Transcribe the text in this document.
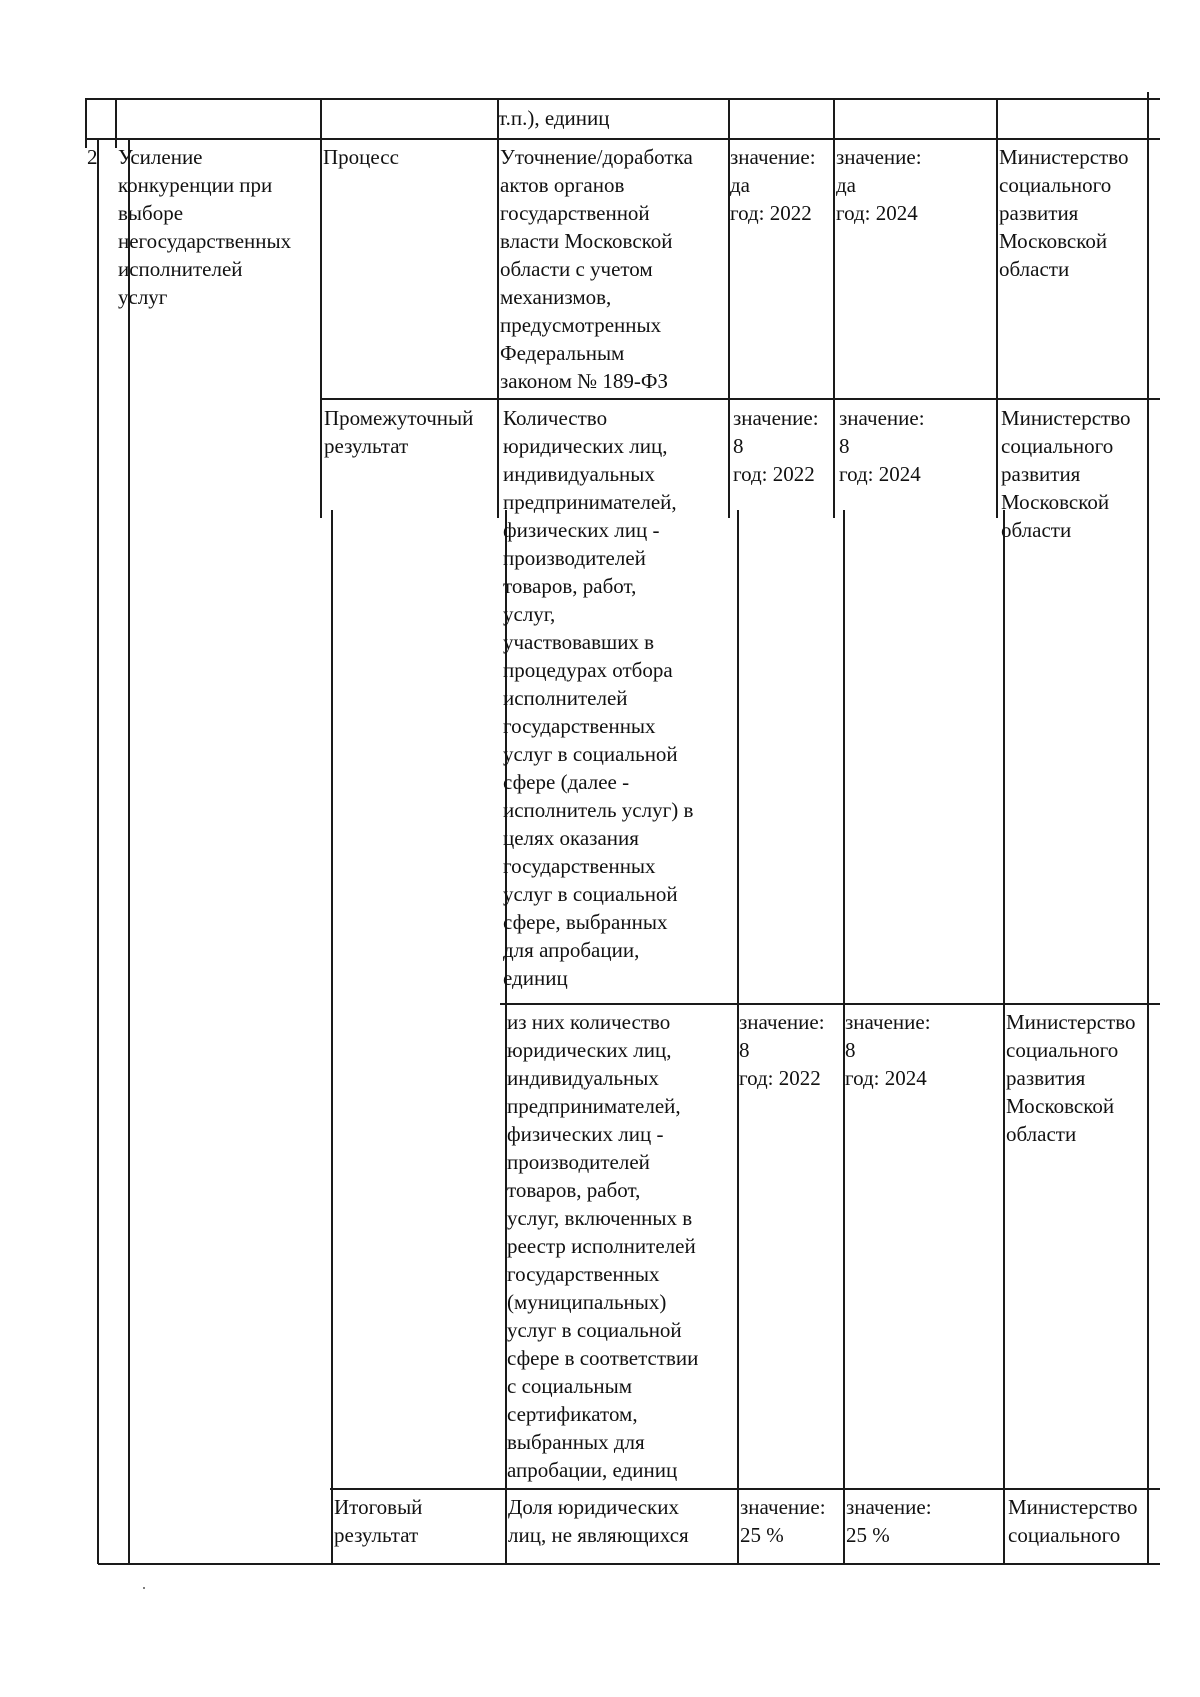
т.п.), единиц
2 Усиление
конкуренции при
выборе
негосударственных
исполнителей
услуг
Процесс	Уточнение/доработка
актов органов
государственной
власти Московской
области с учетом
механизмов,
предусмотренных
Федеральным
законом № 189-ФЗ
значение:
да
год: 2022
значение:
да
год: 2024
Министерство
социального
развития
Московской
области
Промежуточный
результат
Количество
юридических лиц,
индивидуальных
предпринимателей,
физических лиц -
производителей
товаров, работ,
услуг,
участвовавших в
процедурах отбора
исполнителей
государственных
услуг в социальной
сфере (далее -
исполнитель услуг) в
целях оказания
государственных
услуг в социальной
сфере, выбранных
для апробации,
единиц
значение:
8
год: 2022
значение:
8
год: 2024
Министерство
социального
развития
Московской
области
из них количество
юридических лиц,
индивидуальных
предпринимателей,
физических лиц -
производителей
товаров, работ,
услуг, включенных в
реестр исполнителей
государственных
(муниципальных)
услуг в социальной
сфере в соответствии
с социальным
сертификатом,
выбранных для
апробации, единиц
значение:
8
год: 2022
значение:
8
год: 2024
Министерство
социального
развития
Московской
области
Итоговый
результат
Доля юридических
лиц, не являющихся
значение:
25 %
значение:
25 %
Министерство
социального
